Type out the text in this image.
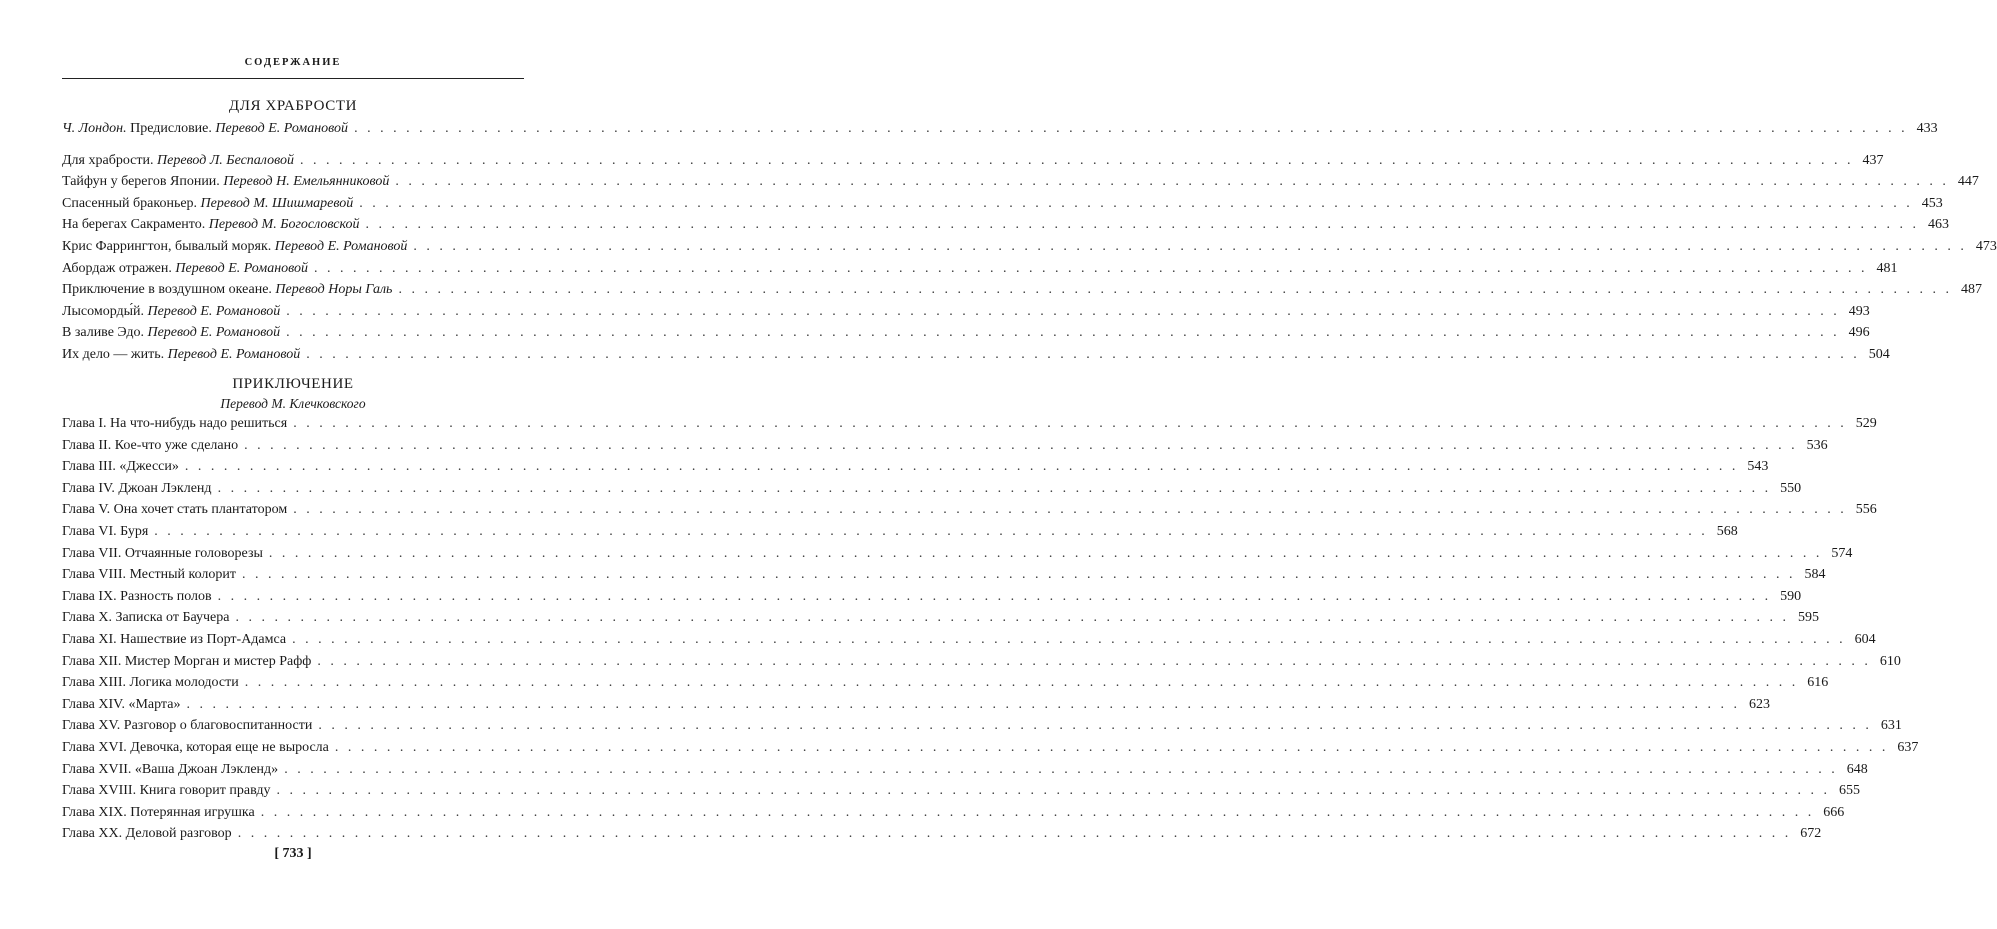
СОДЕРЖАНИЕ
ДЛЯ ХРАБРОСТИ
Ч. Лондон.
Предисловие.
Перевод Е. Романовой . . . . . . . . . . . . . . . . . . . . . . . . . . . . . . . . . . . . . . . . . . . . . . . . . . . . . . . . . . . . . . . . . . . . . . . . . . . . . . . . . . . . . . . . . . . . . . . . . . . . . . . . . . . . . . . . . . . . . . . . 433
Для храбрости.
Перевод Л. Беспаловой . . . . . . . . . . . . . . . . . . . . . . . . . . . . . . . . . . . . . . . . . . . . . . . . . . . . . . . . . . . . . . . . . . . . . . . . . . . . . . . . . . . . . . . . . . . . . . . . . . . . . . . . . . . . . . . . . . . . . . . . 437
Тайфун у берегов Японии.
Перевод Н. Емельянниковой . . . . . . . . . . . . . . . . . . . . . . . . . . . . . . . . . . . . . . . . . . . . . . . . . . . . . . . . . . . . . . . . . . . . . . . . . . . . . . . . . . . . . . . . . . . . . . . . . . . . . . . . . . . . . . . . . . . . . . . . 447
Спасенный браконьер.
Перевод М. Шишмаревой . . . . . . . . . . . . . . . . . . . . . . . . . . . . . . . . . . . . . . . . . . . . . . . . . . . . . . . . . . . . . . . . . . . . . . . . . . . . . . . . . . . . . . . . . . . . . . . . . . . . . . . . . . . . . . . . . . . . . . . . 453
На берегах Сакраменто.
Перевод М. Богословской . . . . . . . . . . . . . . . . . . . . . . . . . . . . . . . . . . . . . . . . . . . . . . . . . . . . . . . . . . . . . . . . . . . . . . . . . . . . . . . . . . . . . . . . . . . . . . . . . . . . . . . . . . . . . . . . . . . . . . . . 463
Крис Фаррингтон, бывалый моряк.
Перевод Е. Романовой . . . . . . . . . . . . . . . . . . . . . . . . . . . . . . . . . . . . . . . . . . . . . . . . . . . . . . . . . . . . . . . . . . . . . . . . . . . . . . . . . . . . . . . . . . . . . . . . . . . . . . . . . . . . . . . . . . . . . . . . 473
Абордаж отражен.
Перевод Е. Романовой . . . . . . . . . . . . . . . . . . . . . . . . . . . . . . . . . . . . . . . . . . . . . . . . . . . . . . . . . . . . . . . . . . . . . . . . . . . . . . . . . . . . . . . . . . . . . . . . . . . . . . . . . . . . . . . . . . . . . . . . 481
Приключение в воздушном океане.
Перевод Норы Галь . . . . . . . . . . . . . . . . . . . . . . . . . . . . . . . . . . . . . . . . . . . . . . . . . . . . . . . . . . . . . . . . . . . . . . . . . . . . . . . . . . . . . . . . . . . . . . . . . . . . . . . . . . . . . . . . . . . . . . . . 487
Лысоморды́й.
Перевод Е. Романовой . . . . . . . . . . . . . . . . . . . . . . . . . . . . . . . . . . . . . . . . . . . . . . . . . . . . . . . . . . . . . . . . . . . . . . . . . . . . . . . . . . . . . . . . . . . . . . . . . . . . . . . . . . . . . . . . . . . . . . . . 493
В заливе Эдо.
Перевод Е. Романовой . . . . . . . . . . . . . . . . . . . . . . . . . . . . . . . . . . . . . . . . . . . . . . . . . . . . . . . . . . . . . . . . . . . . . . . . . . . . . . . . . . . . . . . . . . . . . . . . . . . . . . . . . . . . . . . . . . . . . . . . 496
Их дело — жить.
Перевод Е. Романовой . . . . . . . . . . . . . . . . . . . . . . . . . . . . . . . . . . . . . . . . . . . . . . . . . . . . . . . . . . . . . . . . . . . . . . . . . . . . . . . . . . . . . . . . . . . . . . . . . . . . . . . . . . . . . . . . . . . . . . . . 504
ПРИКЛЮЧЕНИЕ
Перевод М. Клечковского
Глава I. На что-нибудь надо решиться . . . . . . . . . . . . . . . . . . . . . . . . . . . . . . . . . . . . . . . . . . . . . . . . . . . . . . . . . . . . . . . . . . . . . . . . . . . . . . . . . . . . . . . . . . . . . . . . . . . . . . . . . . . . . . . . . . . . . . . . 529
Глава II. Кое-что уже сделано . . . . . . . . . . . . . . . . . . . . . . . . . . . . . . . . . . . . . . . . . . . . . . . . . . . . . . . . . . . . . . . . . . . . . . . . . . . . . . . . . . . . . . . . . . . . . . . . . . . . . . . . . . . . . . . . . . . . . . . . 536
Глава III. «Джесси» . . . . . . . . . . . . . . . . . . . . . . . . . . . . . . . . . . . . . . . . . . . . . . . . . . . . . . . . . . . . . . . . . . . . . . . . . . . . . . . . . . . . . . . . . . . . . . . . . . . . . . . . . . . . . . . . . . . . . . . . 543
Глава IV. Джоан Лэкленд . . . . . . . . . . . . . . . . . . . . . . . . . . . . . . . . . . . . . . . . . . . . . . . . . . . . . . . . . . . . . . . . . . . . . . . . . . . . . . . . . . . . . . . . . . . . . . . . . . . . . . . . . . . . . . . . . . . . . . . . 550
Глава V. Она хочет стать плантатором . . . . . . . . . . . . . . . . . . . . . . . . . . . . . . . . . . . . . . . . . . . . . . . . . . . . . . . . . . . . . . . . . . . . . . . . . . . . . . . . . . . . . . . . . . . . . . . . . . . . . . . . . . . . . . . . . . . . . . . . 556
Глава VI. Буря . . . . . . . . . . . . . . . . . . . . . . . . . . . . . . . . . . . . . . . . . . . . . . . . . . . . . . . . . . . . . . . . . . . . . . . . . . . . . . . . . . . . . . . . . . . . . . . . . . . . . . . . . . . . . . . . . . . . . . . . 568
Глава VII. Отчаянные головорезы . . . . . . . . . . . . . . . . . . . . . . . . . . . . . . . . . . . . . . . . . . . . . . . . . . . . . . . . . . . . . . . . . . . . . . . . . . . . . . . . . . . . . . . . . . . . . . . . . . . . . . . . . . . . . . . . . . . . . . . . 574
Глава VIII. Местный колорит . . . . . . . . . . . . . . . . . . . . . . . . . . . . . . . . . . . . . . . . . . . . . . . . . . . . . . . . . . . . . . . . . . . . . . . . . . . . . . . . . . . . . . . . . . . . . . . . . . . . . . . . . . . . . . . . . . . . . . . . 584
Глава IX. Разность полов . . . . . . . . . . . . . . . . . . . . . . . . . . . . . . . . . . . . . . . . . . . . . . . . . . . . . . . . . . . . . . . . . . . . . . . . . . . . . . . . . . . . . . . . . . . . . . . . . . . . . . . . . . . . . . . . . . . . . . . . 590
Глава X. Записка от Баучера . . . . . . . . . . . . . . . . . . . . . . . . . . . . . . . . . . . . . . . . . . . . . . . . . . . . . . . . . . . . . . . . . . . . . . . . . . . . . . . . . . . . . . . . . . . . . . . . . . . . . . . . . . . . . . . . . . . . . . . . 595
Глава XI. Нашествие из Порт-Адамса . . . . . . . . . . . . . . . . . . . . . . . . . . . . . . . . . . . . . . . . . . . . . . . . . . . . . . . . . . . . . . . . . . . . . . . . . . . . . . . . . . . . . . . . . . . . . . . . . . . . . . . . . . . . . . . . . . . . . . . . 604
Глава XII. Мистер Морган и мистер Рафф . . . . . . . . . . . . . . . . . . . . . . . . . . . . . . . . . . . . . . . . . . . . . . . . . . . . . . . . . . . . . . . . . . . . . . . . . . . . . . . . . . . . . . . . . . . . . . . . . . . . . . . . . . . . . . . . . . . . . . . . 610
Глава XIII. Логика молодости . . . . . . . . . . . . . . . . . . . . . . . . . . . . . . . . . . . . . . . . . . . . . . . . . . . . . . . . . . . . . . . . . . . . . . . . . . . . . . . . . . . . . . . . . . . . . . . . . . . . . . . . . . . . . . . . . . . . . . . . 616
Глава XIV. «Марта» . . . . . . . . . . . . . . . . . . . . . . . . . . . . . . . . . . . . . . . . . . . . . . . . . . . . . . . . . . . . . . . . . . . . . . . . . . . . . . . . . . . . . . . . . . . . . . . . . . . . . . . . . . . . . . . . . . . . . . . . 623
Глава XV. Разговор о благовоспитанности . . . . . . . . . . . . . . . . . . . . . . . . . . . . . . . . . . . . . . . . . . . . . . . . . . . . . . . . . . . . . . . . . . . . . . . . . . . . . . . . . . . . . . . . . . . . . . . . . . . . . . . . . . . . . . . . . . . . . . . . 631
Глава XVI. Девочка, которая еще не выросла . . . . . . . . . . . . . . . . . . . . . . . . . . . . . . . . . . . . . . . . . . . . . . . . . . . . . . . . . . . . . . . . . . . . . . . . . . . . . . . . . . . . . . . . . . . . . . . . . . . . . . . . . . . . . . . . . . . . . . . . 637
Глава XVII. «Ваша Джоан Лэкленд» . . . . . . . . . . . . . . . . . . . . . . . . . . . . . . . . . . . . . . . . . . . . . . . . . . . . . . . . . . . . . . . . . . . . . . . . . . . . . . . . . . . . . . . . . . . . . . . . . . . . . . . . . . . . . . . . . . . . . . . . 648
Глава XVIII. Книга говорит правду . . . . . . . . . . . . . . . . . . . . . . . . . . . . . . . . . . . . . . . . . . . . . . . . . . . . . . . . . . . . . . . . . . . . . . . . . . . . . . . . . . . . . . . . . . . . . . . . . . . . . . . . . . . . . . . . . . . . . . . . 655
Глава XIX. Потерянная игрушка . . . . . . . . . . . . . . . . . . . . . . . . . . . . . . . . . . . . . . . . . . . . . . . . . . . . . . . . . . . . . . . . . . . . . . . . . . . . . . . . . . . . . . . . . . . . . . . . . . . . . . . . . . . . . . . . . . . . . . . . 666
Глава XX. Деловой разговор . . . . . . . . . . . . . . . . . . . . . . . . . . . . . . . . . . . . . . . . . . . . . . . . . . . . . . . . . . . . . . . . . . . . . . . . . . . . . . . . . . . . . . . . . . . . . . . . . . . . . . . . . . . . . . . . . . . . . . . . 672
[ 733 ]
